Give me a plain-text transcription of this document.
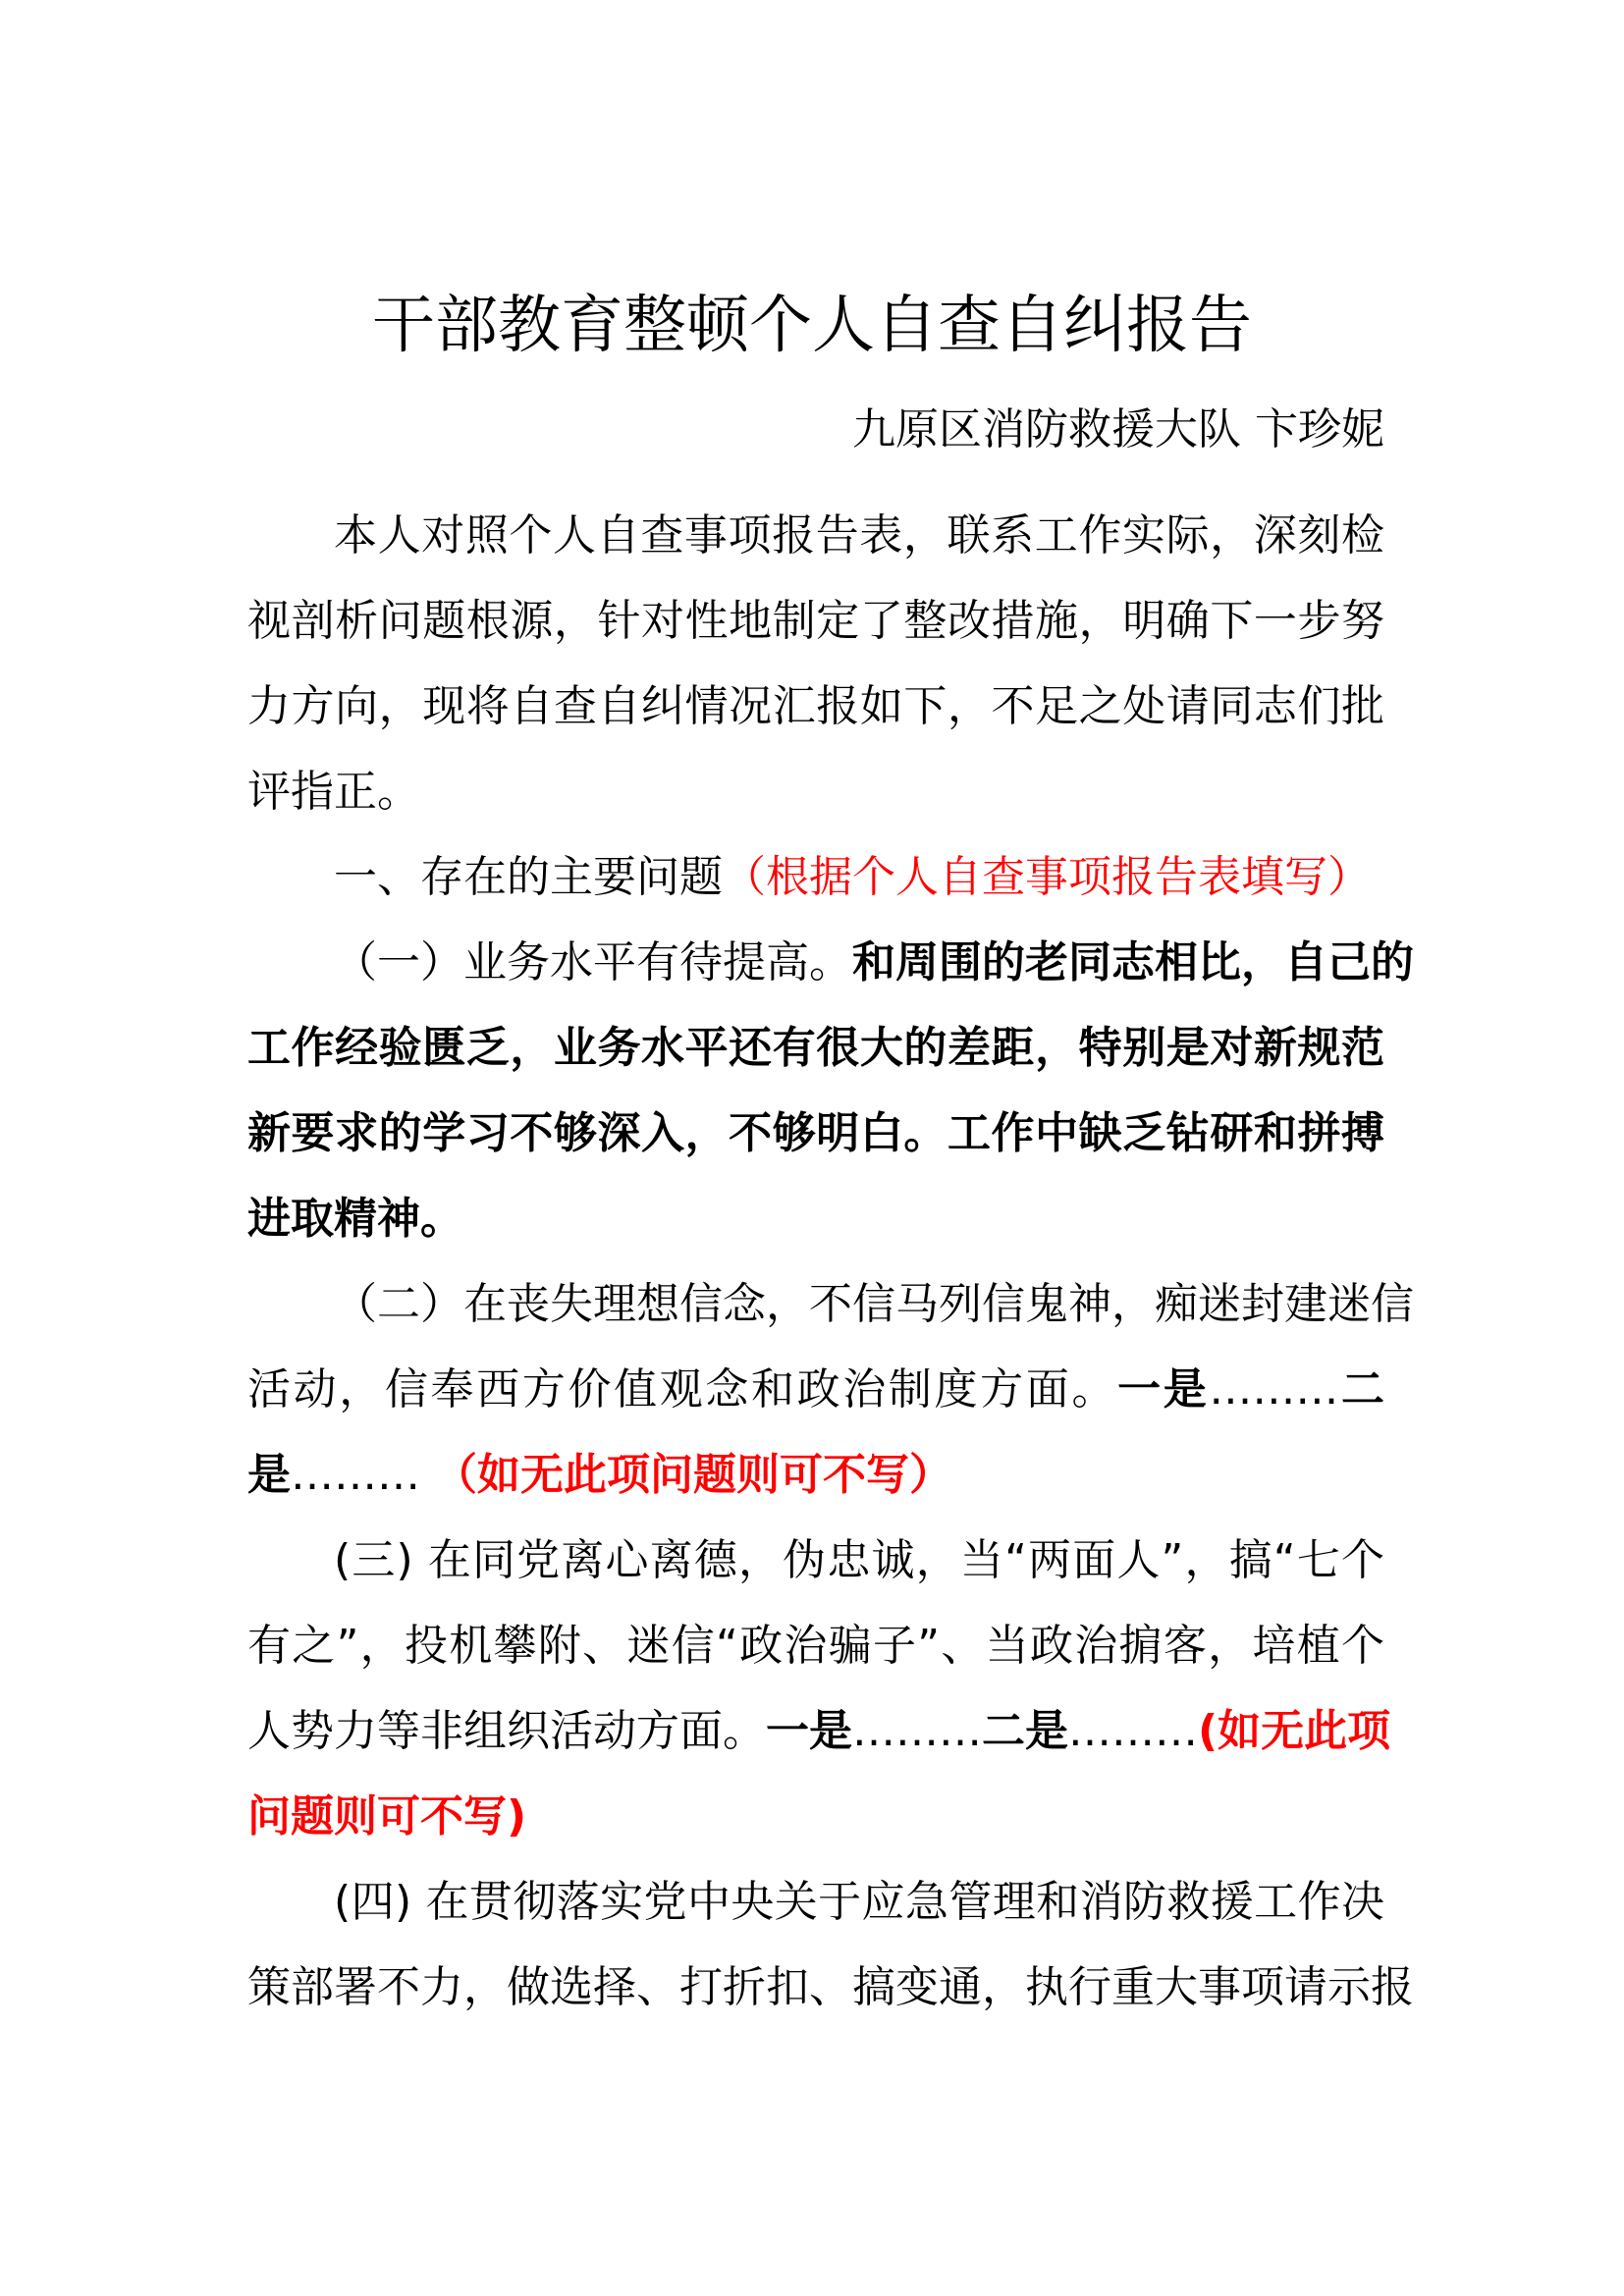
干部教育整顿个人自查自纠报告
九原区消防救援大队 卞珍妮
本人对照个人自查事项报告表，联系工作实际，深刻检
视剖析问题根源，针对性地制定了整改措施，明确下一步努
力方向，现将自查自纠情况汇报如下，不足之处请同志们批
评指正。
一、存在的主要问题（根据个人自查事项报告表填写）
（一）业务水平有待提高。和周围的老同志相比，自己的
工作经验匮乏，业务水平还有很大的差距，特别是对新规范
新要求的学习不够深入，不够明白。工作中缺乏钻研和拼搏
进取精神。
（二）在丧失理想信念，不信马列信鬼神，痴迷封建迷信
活动，信奉西方价值观念和政治制度方面。一是………二
是……… （如无此项问题则可不写）
(三) 在同党离心离德，伪忠诚，当“两面人”，搞“七个
有之”，投机攀附、迷信“政治骗子”、当政治掮客，培植个
人势力等非组织活动方面。一是………二是………(如无此项
问题则可不写)
(四) 在贯彻落实党中央关于应急管理和消防救援工作决
策部署不力，做选择、打折扣、搞变通，执行重大事项请示报
